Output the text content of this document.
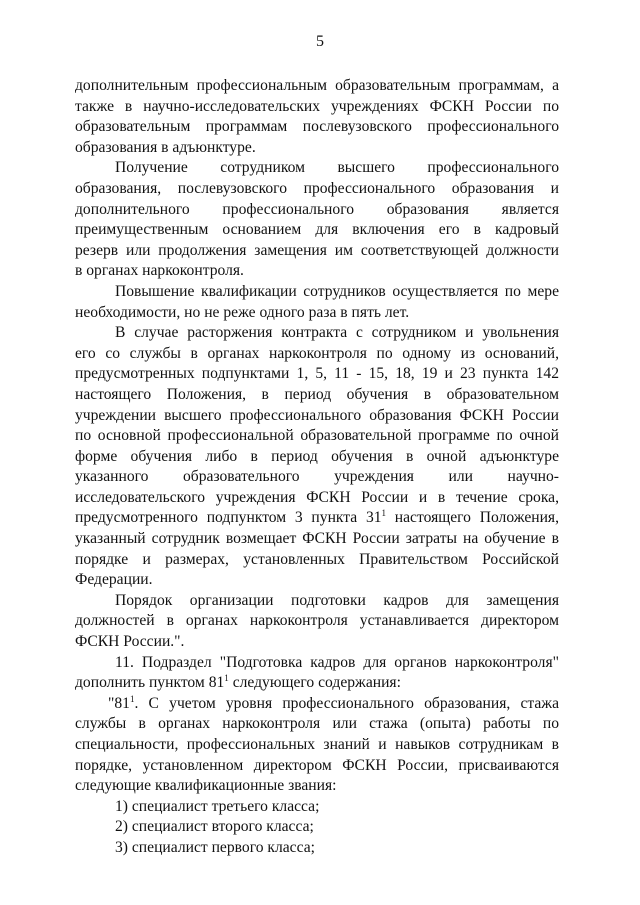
5
дополнительным профессиональным образовательным программам, а
также в научно-исследовательских учреждениях ФСКН России по
образовательным программам послевузовского профессионального
образования в адъюнктуре.
Получение сотрудником высшего профессионального
образования, послевузовского профессионального образования и
дополнительного профессионального образования является
преимущественным основанием для включения его в кадровый
резерв или продолжения замещения им соответствующей должности
в органах наркоконтроля.
Повышение квалификации сотрудников осуществляется по мере
необходимости, но не реже одного раза в пять лет.
В случае расторжения контракта с сотрудником и увольнения
его со службы в органах наркоконтроля по одному из оснований,
предусмотренных подпунктами 1, 5, 11 - 15, 18, 19 и 23 пункта 142
настоящего Положения, в период обучения в образовательном
учреждении высшего профессионального образования ФСКН России
по основной профессиональной образовательной программе по очной
форме обучения либо в период обучения в очной адъюнктуре
указанного образовательного учреждения или научно-
исследовательского учреждения ФСКН России и в течение срока,
предусмотренного подпунктом 3 пункта $31^1$ настоящего Положения,
указанный сотрудник возмещает ФСКН России затраты на обучение в
порядке и размерах, установленных Правительством Российской
Федерации.
Порядок организации подготовки кадров для замещения
должностей в органах наркоконтроля устанавливается директором
ФСКН России.".
11. Подраздел "Подготовка кадров для органов наркоконтроля"
дополнить пунктом $81^1$ следующего содержания:
"$81^1$. С учетом уровня профессионального образования, стажа
службы в органах наркоконтроля или стажа (опыта) работы по
специальности, профессиональных знаний и навыков сотрудникам в
порядке, установленном директором ФСКН России, присваиваются
следующие квалификационные звания:
1) специалист третьего класса;
2) специалист второго класса;
3) специалист первого класса;
